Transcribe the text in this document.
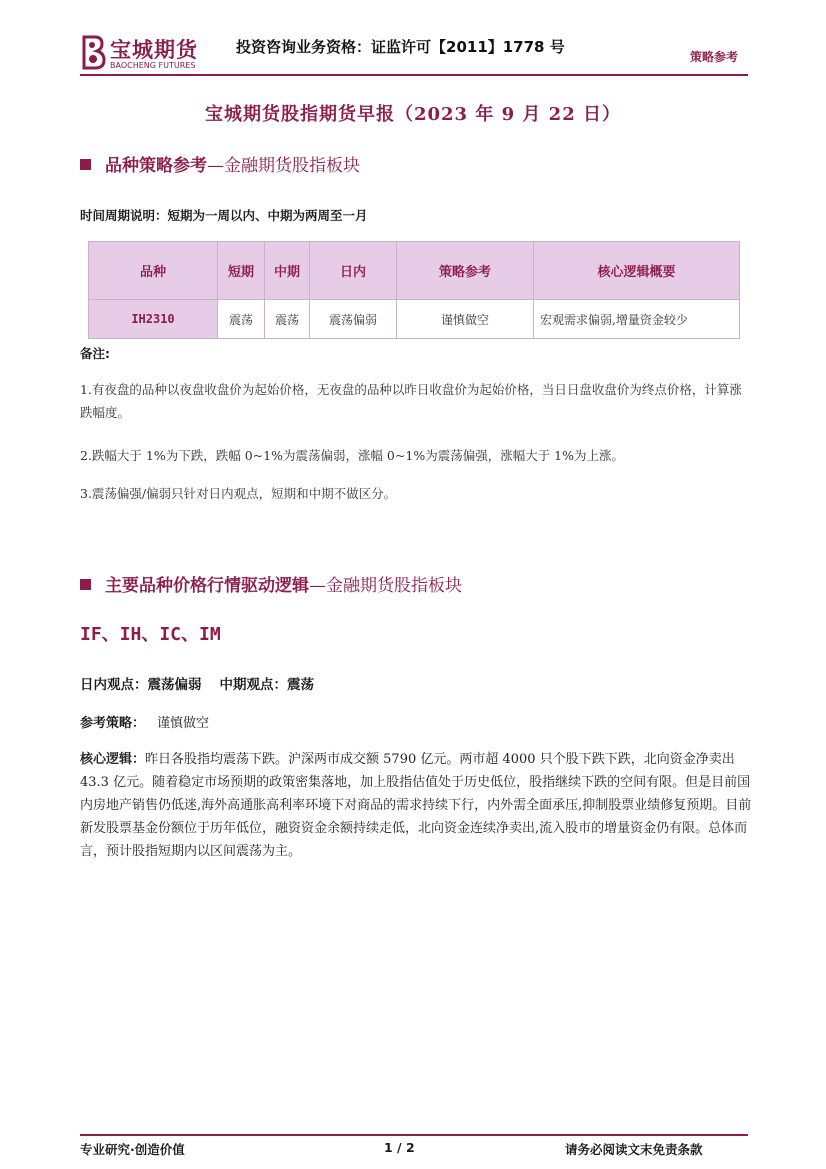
宝城期货
BAOCHENG FUTURES
投资咨询业务资格：证监许可【2011】1778 号
策略参考
宝城期货股指期货早报（2023 年 9 月 22 日）
品种策略参考—金融期货股指板块
时间周期说明：短期为一周以内、中期为两周至一月
品种	短期	中期	日内	策略参考	核心逻辑概要
IH2310	震荡	震荡	震荡偏弱	谨慎做空	宏观需求偏弱,增量资金较少
备注:
1.有夜盘的品种以夜盘收盘价为起始价格，无夜盘的品种以昨日收盘价为起始价格，当日日盘收盘价为终点价格，计算涨跌幅度。
2.跌幅大于 1%为下跌，跌幅 0~1%为震荡偏弱，涨幅 0~1%为震荡偏强，涨幅大于 1%为上涨。
3.震荡偏强/偏弱只针对日内观点，短期和中期不做区分。
主要品种价格行情驱动逻辑—金融期货股指板块
IF、IH、IC、IM
日内观点：震荡偏弱 中期观点：震荡
参考策略： 谨慎做空
核心逻辑：昨日各股指均震荡下跌。沪深两市成交额 5790 亿元。两市超 4000 只个股下跌下跌，北向资金净卖出 43.3 亿元。随着稳定市场预期的政策密集落地，加上股指估值处于历史低位，股指继续下跌的空间有限。但是目前国内房地产销售仍低迷,海外高通胀高利率环境下对商品的需求持续下行，内外需全面承压,抑制股票业绩修复预期。目前新发股票基金份额位于历年低位，融资资金余额持续走低，北向资金连续净卖出,流入股市的增量资金仍有限。总体而言，预计股指短期内以区间震荡为主。
专业研究·创造价值	1 / 2	请务必阅读文末免责条款
